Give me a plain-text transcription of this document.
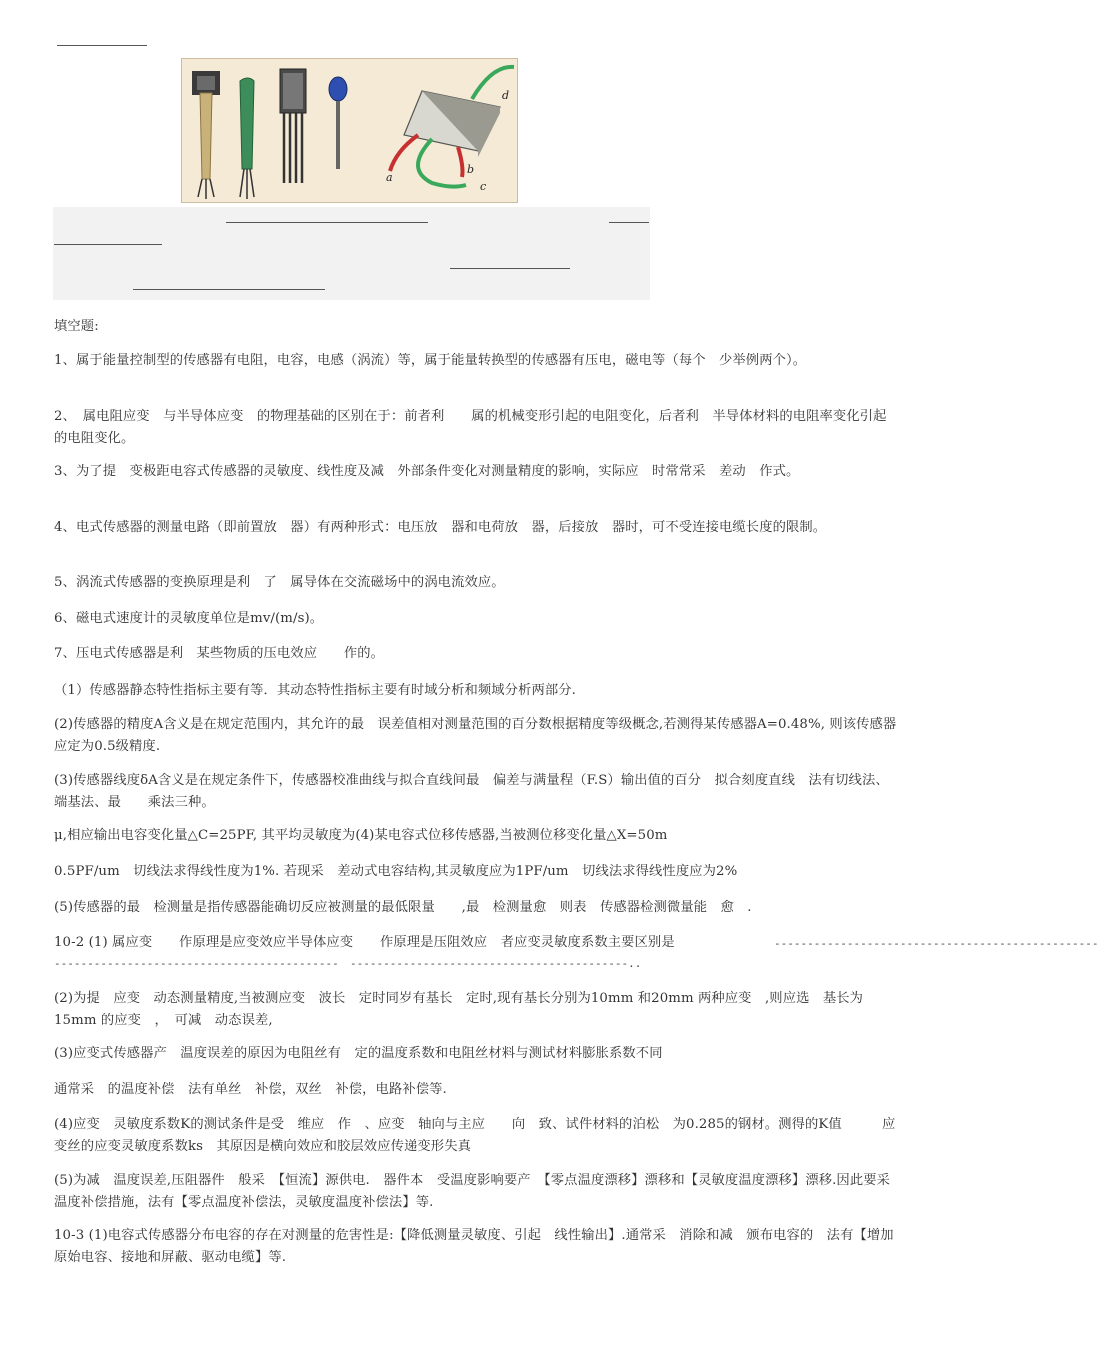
a
b
c
d
填空题:
1、属于能量控制型的传感器有电阻，电容，电感（涡流）等，属于能量转换型的传感器有压电，磁电等（每个　少举例两个）。
2、　属电阻应变　与半导体应变　的物理基础的区别在于：前者利　　属的机械变形引起的电阻变化，后者利　半导体材料的电阻率变化引起的电阻变化。
3、为了提　变极距电容式传感器的灵敏度、线性度及减　外部条件变化对测量精度的影响，实际应　时常常采　差动　作式。
4、电式传感器的测量电路（即前置放　器）有两种形式：电压放　器和电荷放　器，后接放　器时，可不受连接电缆长度的限制。
5、涡流式传感器的变换原理是利　了　属导体在交流磁场中的涡电流效应。
6、磁电式速度计的灵敏度单位是mv/(m/s)。
7、压电式传感器是利　某些物质的压电效应　　作的。
（1）传感器静态特性指标主要有等．其动态特性指标主要有时域分析和频域分析两部分.
(2)传感器的精度A含义是在规定范围内，其允许的最　误差值相对测量范围的百分数根据精度等级概念,若测得某传感器A=0.48%, 则该传感器应定为0.5级精度.
(3)传感器线度δA含义是在规定条件下，传感器校准曲线与拟合直线间最　偏差与满量程（F.S）输出值的百分　拟合刻度直线　法有切线法、端基法、最　　乘法三种。
μ,相应输出电容变化量△C=25PF, 其平均灵敏度为(4)某电容式位移传感器,当被测位移变化量△X=50m
0.5PF/um　切线法求得线性度为1%. 若现采　差动式电容结构,其灵敏度应为1PF/um　切线法求得线性度应为2%
(5)传感器的最　检测量是指传感器能确切反应被测量的最低限量　　,最　检测量愈　则表　传感器检测微量能　愈　.
10-2 (1) 属应变　　作原理是应变效应半导体应变　　作原理是压阻效应　者应变灵敏度系数主要区别是	-------------------------------------------------
------------------------------------------- ------------------------------------------..
(2)为提　应变　动态测量精度,当被测应变　波长　定时同岁有基长　定时,现有基长分别为10mm 和20mm 两种应变　,则应选　基长为15mm 的应变　，　可减　动态误差,
(3)应变式传感器产　温度误差的原因为电阻丝有　定的温度系数和电阻丝材料与测试材料膨胀系数不同
通常采　的温度补偿　法有单丝　补偿，双丝　补偿，电路补偿等.
(4)应变　灵敏度系数K的测试条件是受　维应　作　、应变　轴向与主应　　向　致、试件材料的泊松　为0.285的钢材。测得的K值　　　应变丝的应变灵敏度系数ks　其原因是横向效应和胶层效应传递变形失真
(5)为减　温度误差,压阻器件　般采　【恒流】源供电.　器件本　受温度影响要产　【零点温度漂移】漂移和【灵敏度温度漂移】漂移.因此要采　温度补偿措施，法有【零点温度补偿法，灵敏度温度补偿法】等.
10-3 (1)电容式传感器分布电容的存在对测量的危害性是:【降低测量灵敏度、引起　线性输出】.通常采　消除和减　颁布电容的　法有【增加原始电容、接地和屏蔽、驱动电缆】等.
